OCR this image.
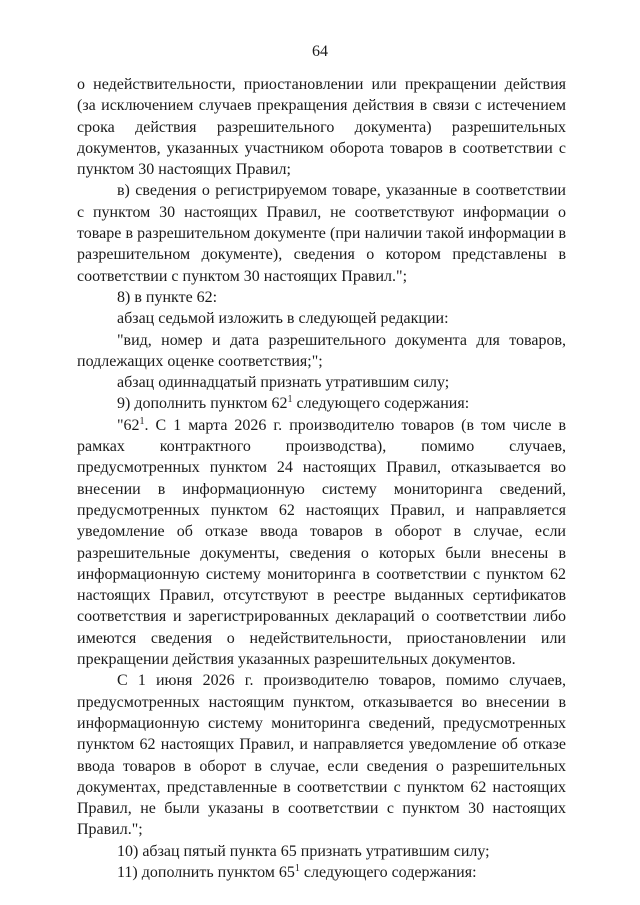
64

о недействительности, приостановлении или прекращении действия (за исключением случаев прекращения действия в связи с истечением срока действия разрешительного документа) разрешительных документов, указанных участником оборота товаров в соответствии с пунктом 30 настоящих Правил;

в) сведения о регистрируемом товаре, указанные в соответствии с пунктом 30 настоящих Правил, не соответствуют информации о товаре в разрешительном документе (при наличии такой информации в разрешительном документе), сведения о котором представлены в соответствии с пунктом 30 настоящих Правил.";

8) в пункте 62:

абзац седьмой изложить в следующей редакции:

"вид, номер и дата разрешительного документа для товаров, подлежащих оценке соответствия;";

абзац одиннадцатый признать утратившим силу;

9) дополнить пунктом $62^1$ следующего содержания:

"$62^1$. С 1 марта 2026 г. производителю товаров (в том числе в рамках контрактного производства), помимо случаев, предусмотренных пунктом 24 настоящих Правил, отказывается во внесении в информационную систему мониторинга сведений, предусмотренных пунктом 62 настоящих Правил, и направляется уведомление об отказе ввода товаров в оборот в случае, если разрешительные документы, сведения о которых были внесены в информационную систему мониторинга в соответствии с пунктом 62 настоящих Правил, отсутствуют в реестре выданных сертификатов соответствия и зарегистрированных деклараций о соответствии либо имеются сведения о недействительности, приостановлении или прекращении действия указанных разрешительных документов.

С 1 июня 2026 г. производителю товаров, помимо случаев, предусмотренных настоящим пунктом, отказывается во внесении в информационную систему мониторинга сведений, предусмотренных пунктом 62 настоящих Правил, и направляется уведомление об отказе ввода товаров в оборот в случае, если сведения о разрешительных документах, представленные в соответствии с пунктом 62 настоящих Правил, не были указаны в соответствии с пунктом 30 настоящих Правил.";

10) абзац пятый пункта 65 признать утратившим силу;

11) дополнить пунктом $65^1$ следующего содержания:
